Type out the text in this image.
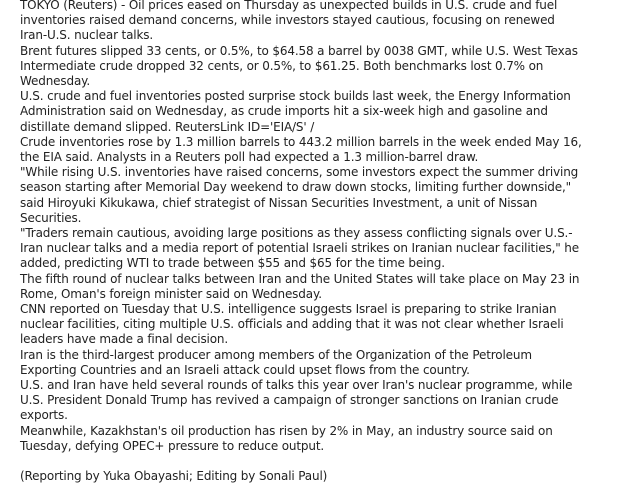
TOKYO (Reuters) - Oil prices eased on Thursday as unexpected builds in U.S. crude and fuel inventories raised demand concerns, while investors stayed cautious, focusing on renewed Iran-U.S. nuclear talks.

Brent futures slipped 33 cents, or 0.5%, to $64.58 a barrel by 0038 GMT, while U.S. West Texas Intermediate crude dropped 32 cents, or 0.5%, to $61.25. Both benchmarks lost 0.7% on Wednesday.

U.S. crude and fuel inventories posted surprise stock builds last week, the Energy Information Administration said on Wednesday, as crude imports hit a six-week high and gasoline and distillate demand slipped. ReutersLink ID='EIA/S' /

Crude inventories rose by 1.3 million barrels to 443.2 million barrels in the week ended May 16, the EIA said. Analysts in a Reuters poll had expected a 1.3 million-barrel draw.

"While rising U.S. inventories have raised concerns, some investors expect the summer driving season starting after Memorial Day weekend to draw down stocks, limiting further downside," said Hiroyuki Kikukawa, chief strategist of Nissan Securities Investment, a unit of Nissan Securities.

"Traders remain cautious, avoiding large positions as they assess conflicting signals over U.S.-Iran nuclear talks and a media report of potential Israeli strikes on Iranian nuclear facilities," he added, predicting WTI to trade between $55 and $65 for the time being.

The fifth round of nuclear talks between Iran and the United States will take place on May 23 in Rome, Oman's foreign minister said on Wednesday.

CNN reported on Tuesday that U.S. intelligence suggests Israel is preparing to strike Iranian nuclear facilities, citing multiple U.S. officials and adding that it was not clear whether Israeli leaders have made a final decision.

Iran is the third-largest producer among members of the Organization of the Petroleum Exporting Countries and an Israeli attack could upset flows from the country.

U.S. and Iran have held several rounds of talks this year over Iran's nuclear programme, while U.S. President Donald Trump has revived a campaign of stronger sanctions on Iranian crude exports.

Meanwhile, Kazakhstan's oil production has risen by 2% in May, an industry source said on Tuesday, defying OPEC+ pressure to reduce output.

(Reporting by Yuka Obayashi; Editing by Sonali Paul)
